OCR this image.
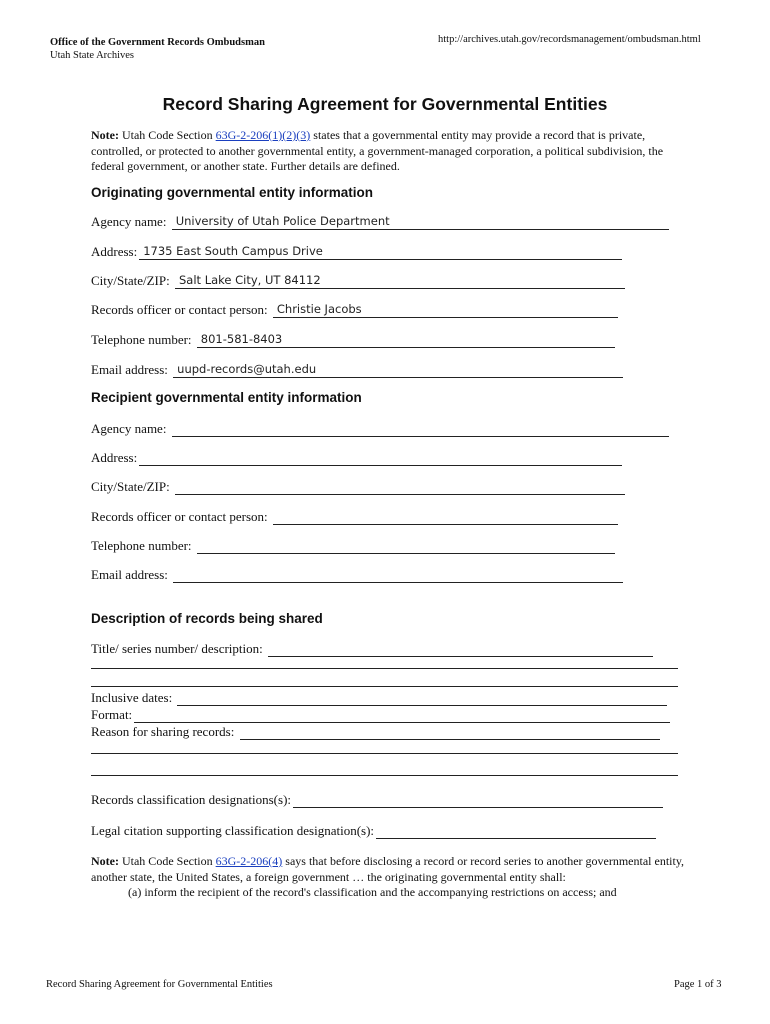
Office of the Government Records Ombudsman
Utah State Archives
http://archives.utah.gov/recordsmanagement/ombudsman.html
Record Sharing Agreement for Governmental Entities
Note: Utah Code Section 63G-2-206(1)(2)(3) states that a governmental entity may provide a record that is private, controlled, or protected to another governmental entity, a government-managed corporation, a political subdivision, the federal government, or another state. Further details are defined.
Originating governmental entity information
Agency name: University of Utah Police Department
Address: 1735 East South Campus Drive
City/State/ZIP: Salt Lake City, UT 84112
Records officer or contact person: Christie Jacobs
Telephone number: 801-581-8403
Email address: uupd-records@utah.edu
Recipient governmental entity information
Agency name:
Address:
City/State/ZIP:
Records officer or contact person:
Telephone number:
Email address:
Description of records being shared
Title/ series number/ description:
Inclusive dates:
Format:
Reason for sharing records:
Records classification designations(s):
Legal citation supporting classification designation(s):
Note: Utah Code Section 63G-2-206(4) says that before disclosing a record or record series to another governmental entity, another state, the United States, a foreign government … the originating governmental entity shall:
(a) inform the recipient of the record's classification and the accompanying restrictions on access; and
Record Sharing Agreement for Governmental Entities	Page 1 of 3
